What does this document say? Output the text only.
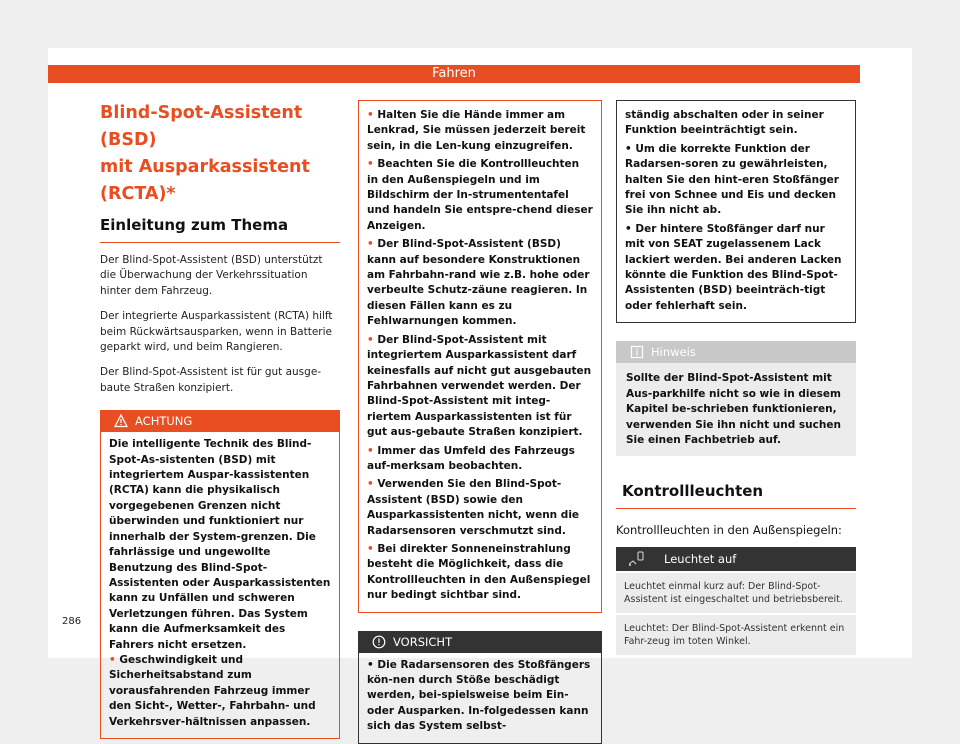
Fahren
Blind-Spot-Assistent (BSD)
mit Ausparkassistent
(RCTA)*
Einleitung zum Thema
Der Blind-Spot-Assistent (BSD) unterstützt die Überwachung der Verkehrssituation hinter dem Fahrzeug.
Der integrierte Ausparkassistent (RCTA) hilft beim Rückwärtsausparken, wenn in Batterie geparkt wird, und beim Rangieren.
Der Blind-Spot-Assistent ist für gut ausge-baute Straßen konzipiert.
ACHTUNG
Die intelligente Technik des Blind-Spot-As-sistenten (BSD) mit integriertem Auspar-kassistenten (RCTA) kann die physikalisch vorgegebenen Grenzen nicht überwinden und funktioniert nur innerhalb der System-grenzen. Die fahrlässige und ungewollte Benutzung des Blind-Spot-Assistenten oder Ausparkassistenten kann zu Unfällen und schweren Verletzungen führen. Das System kann die Aufmerksamkeit des Fahrers nicht ersetzen.
• Geschwindigkeit und Sicherheitsabstand zum vorausfahrenden Fahrzeug immer den Sicht-, Wetter-, Fahrbahn- und Verkehrsver-hältnissen anpassen.
• Halten Sie die Hände immer am Lenkrad, Sie müssen jederzeit bereit sein, in die Len-kung einzugreifen.
• Beachten Sie die Kontrollleuchten in den Außenspiegeln und im Bildschirm der In-strumententafel und handeln Sie entspre-chend dieser Anzeigen.
• Der Blind-Spot-Assistent (BSD) kann auf besondere Konstruktionen am Fahrbahn-rand wie z.B. hohe oder verbeulte Schutz-zäune reagieren. In diesen Fällen kann es zu Fehlwarnungen kommen.
• Der Blind-Spot-Assistent mit integriertem Ausparkassistent darf keinesfalls auf nicht gut ausgebauten Fahrbahnen verwendet werden. Der Blind-Spot-Assistent mit integ-riertem Ausparkassistenten ist für gut aus-gebaute Straßen konzipiert.
• Immer das Umfeld des Fahrzeugs auf-merksam beobachten.
• Verwenden Sie den Blind-Spot-Assistent (BSD) sowie den Ausparkassistenten nicht, wenn die Radarsensoren verschmutzt sind.
• Bei direkter Sonneneinstrahlung besteht die Möglichkeit, dass die Kontrollleuchten in den Außenspiegel nur bedingt sichtbar sind.
VORSICHT
• Die Radarsensoren des Stoßfängers kön-nen durch Stöße beschädigt werden, bei-spielsweise beim Ein- oder Ausparken. In-folgedessen kann sich das System selbst-
ständig abschalten oder in seiner Funktion beeinträchtigt sein.
• Um die korrekte Funktion der Radarsen-soren zu gewährleisten, halten Sie den hint-eren Stoßfänger frei von Schnee und Eis und decken Sie ihn nicht ab.
• Der hintere Stoßfänger darf nur mit von SEAT zugelassenem Lack lackiert werden. Bei anderen Lacken könnte die Funktion des Blind-Spot-Assistenten (BSD) beeinträch-tigt oder fehlerhaft sein.
Hinweis
Sollte der Blind-Spot-Assistent mit Aus-parkhilfe nicht so wie in diesem Kapitel be-schrieben funktionieren, verwenden Sie ihn nicht und suchen Sie einen Fachbetrieb auf.
Kontrollleuchten
Kontrollleuchten in den Außenspiegeln:
Leuchtet auf
Leuchtet einmal kurz auf: Der Blind-Spot-Assistent ist eingeschaltet und betriebsbereit.
Leuchtet: Der Blind-Spot-Assistent erkennt ein Fahr-zeug im toten Winkel.
286
